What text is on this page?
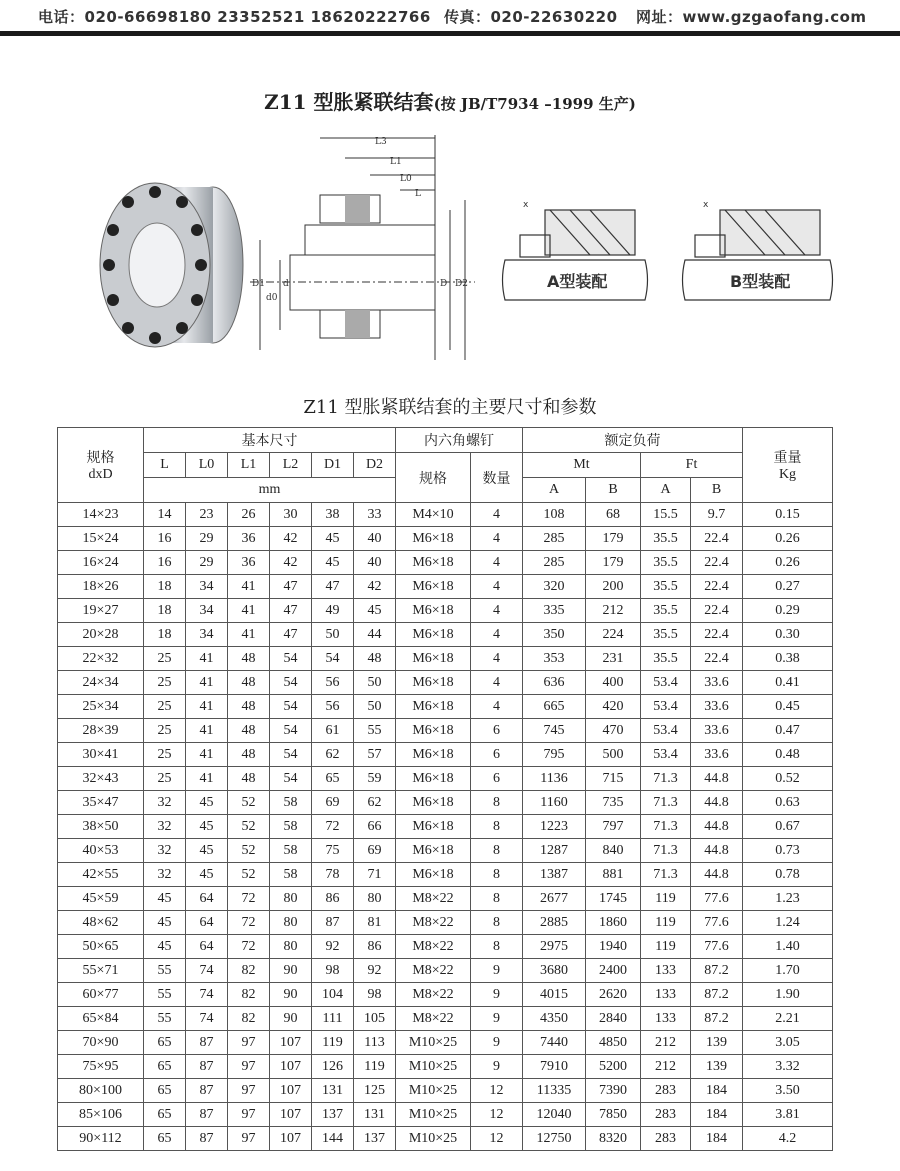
电话：020-66698180 23352521 18620222766 传真：020-22630220 网址：www.gzgaofang.com
Z11 型胀紧联结套(按 JB/T7934 –1999 生产)
L3
L1
L0
L
D1 d
d0
D D2
x	x
A型装配	B型装配
Z11 型胀紧联结套的主要尺寸和参数
规格
dxD	基本尺寸						内六角螺钉		额定负荷				重量
Kg
	L	L0	L1	L2	D1	D2	规格	数量	Mt		Ft		
	mm								A	B	A	B	
14×23	14	23	26	30	38	33	M4×10	4	108	68	15.5	9.7	0.15
15×24	16	29	36	42	45	40	M6×18	4	285	179	35.5	22.4	0.26
16×24	16	29	36	42	45	40	M6×18	4	285	179	35.5	22.4	0.26
18×26	18	34	41	47	47	42	M6×18	4	320	200	35.5	22.4	0.27
19×27	18	34	41	47	49	45	M6×18	4	335	212	35.5	22.4	0.29
20×28	18	34	41	47	50	44	M6×18	4	350	224	35.5	22.4	0.30
22×32	25	41	48	54	54	48	M6×18	4	353	231	35.5	22.4	0.38
24×34	25	41	48	54	56	50	M6×18	4	636	400	53.4	33.6	0.41
25×34	25	41	48	54	56	50	M6×18	4	665	420	53.4	33.6	0.45
28×39	25	41	48	54	61	55	M6×18	6	745	470	53.4	33.6	0.47
30×41	25	41	48	54	62	57	M6×18	6	795	500	53.4	33.6	0.48
32×43	25	41	48	54	65	59	M6×18	6	1136	715	71.3	44.8	0.52
35×47	32	45	52	58	69	62	M6×18	8	1160	735	71.3	44.8	0.63
38×50	32	45	52	58	72	66	M6×18	8	1223	797	71.3	44.8	0.67
40×53	32	45	52	58	75	69	M6×18	8	1287	840	71.3	44.8	0.73
42×55	32	45	52	58	78	71	M6×18	8	1387	881	71.3	44.8	0.78
45×59	45	64	72	80	86	80	M8×22	8	2677	1745	119	77.6	1.23
48×62	45	64	72	80	87	81	M8×22	8	2885	1860	119	77.6	1.24
50×65	45	64	72	80	92	86	M8×22	8	2975	1940	119	77.6	1.40
55×71	55	74	82	90	98	92	M8×22	9	3680	2400	133	87.2	1.70
60×77	55	74	82	90	104	98	M8×22	9	4015	2620	133	87.2	1.90
65×84	55	74	82	90	111	105	M8×22	9	4350	2840	133	87.2	2.21
70×90	65	87	97	107	119	113	M10×25	9	7440	4850	212	139	3.05
75×95	65	87	97	107	126	119	M10×25	9	7910	5200	212	139	3.32
80×100	65	87	97	107	131	125	M10×25	12	11335	7390	283	184	3.50
85×106	65	87	97	107	137	131	M10×25	12	12040	7850	283	184	3.81
90×112	65	87	97	107	144	137	M10×25	12	12750	8320	283	184	4.2
